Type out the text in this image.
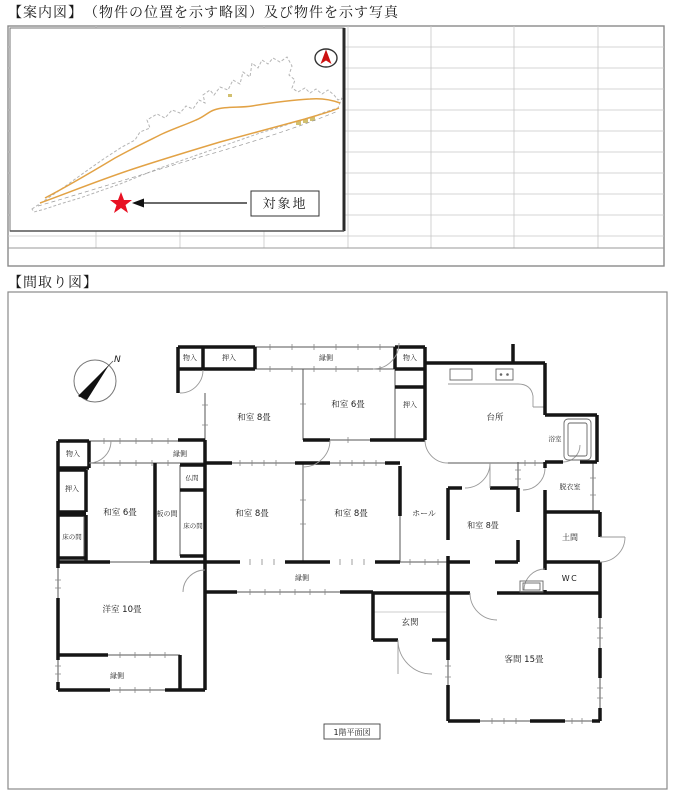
【案内図】　（物件の位置を示す略図）及び物件を示す写真
対象地
【間取り図】
N	物入	押入	縁側	物入
和室 8畳
和室 6畳	押入
台所
浴室
物入	縁側
仏間
押入	脱衣室
和室 6畳	板の間
床の間
和室 8畳	和室 8畳	ホール
和室 8畳
床の間	土間
WC
縁側
洋室 10畳
玄関
客間 15畳
縁側
1階平面図
